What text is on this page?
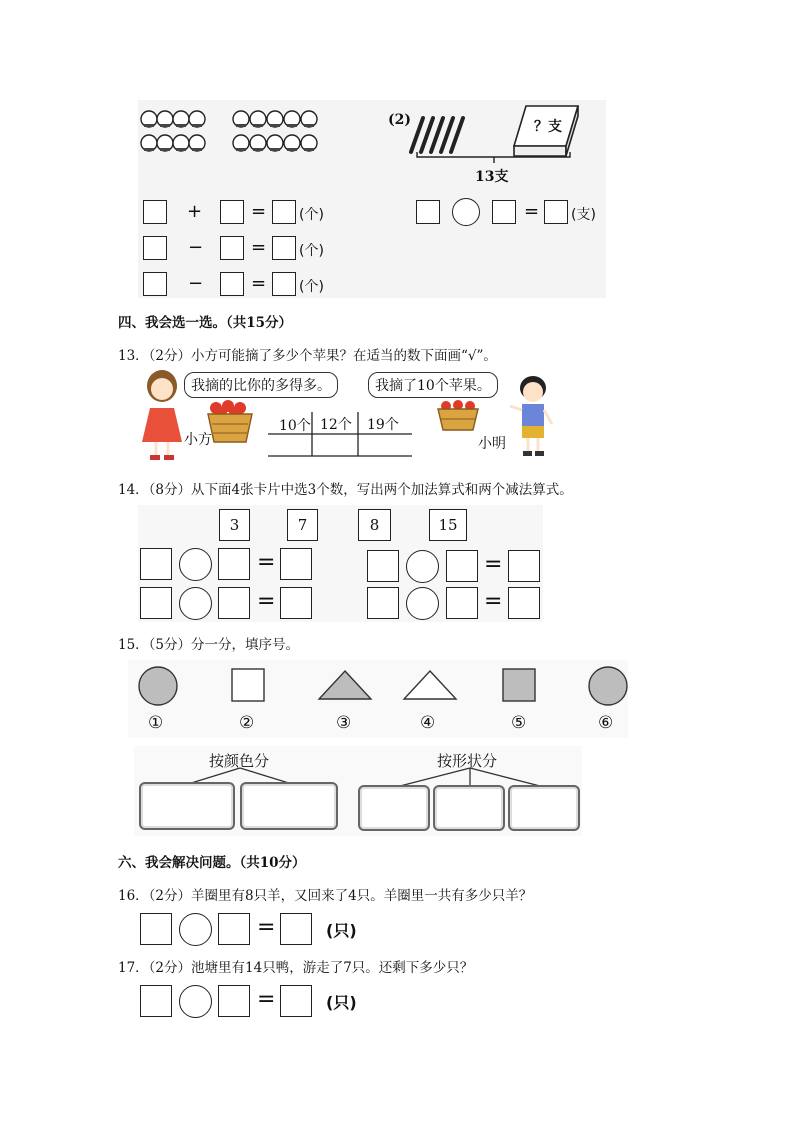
(2)	？支
13支
+	= (个)
−	= (个)
−	= (个)
= (支)
四、我会选一选。（共15分）
13．（2分）小方可能摘了多少个苹果？在适当的数下面画“√”。
小方
我摘的比你的多得多。
10个 12个 19个
我摘了10个苹果。
小明
14．（8分）从下面4张卡片中选3个数，写出两个加法算式和两个减法算式。
3	7	8	15
=	=
=	=
15．（5分）分一分，填序号。
①	②	③	④	⑤	⑥
按颜色分	按形状分
六、我会解决问题。（共10分）
16．（2分）羊圈里有8只羊，又回来了4只。羊圈里一共有多少只羊？
=	(只)
17．（2分）池塘里有14只鸭，游走了7只。还剩下多少只？
=	(只)
